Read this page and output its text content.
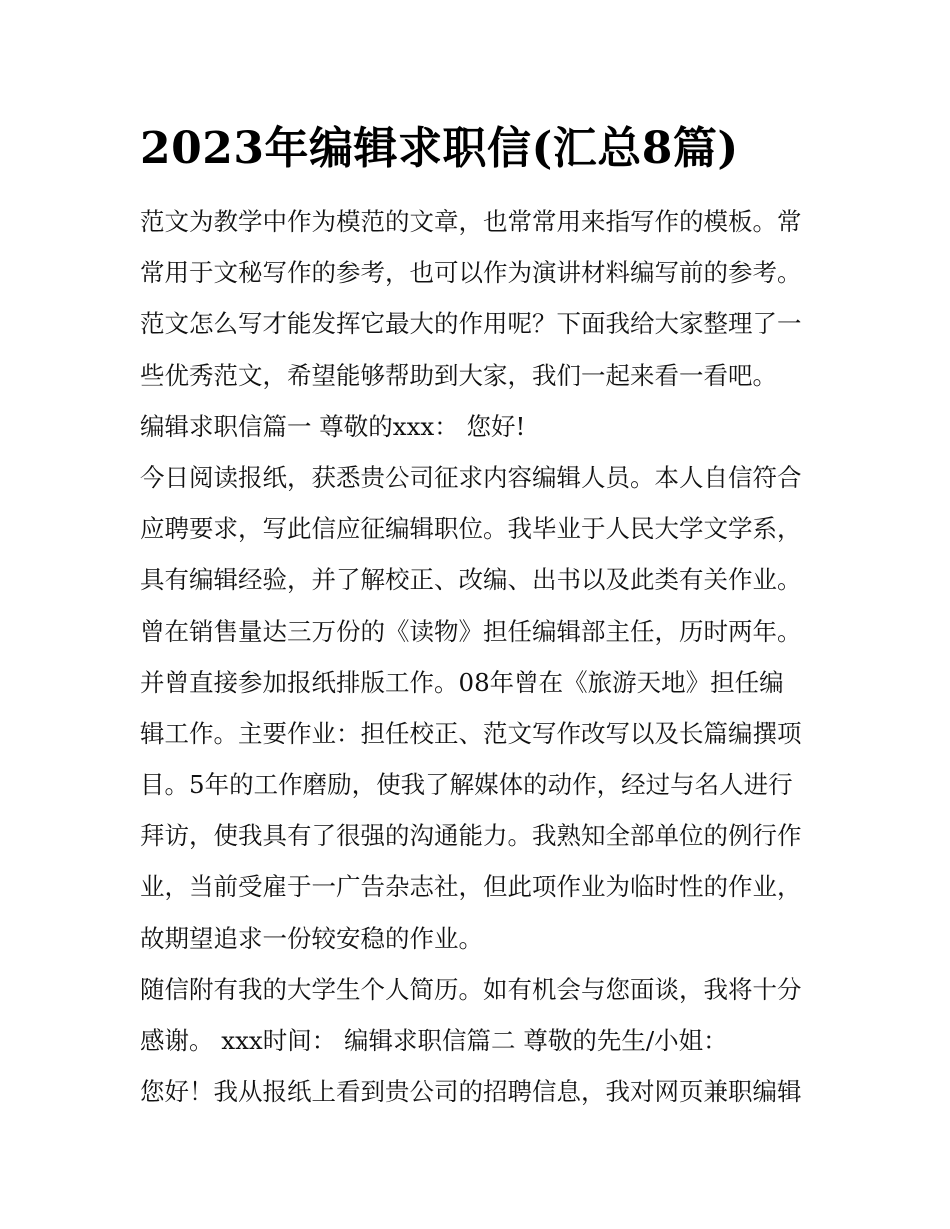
2023年编辑求职信(汇总8篇)
范文为教学中作为模范的文章，也常常用来指写作的模板。常
常用于文秘写作的参考，也可以作为演讲材料编写前的参考。
范文怎么写才能发挥它最大的作用呢？下面我给大家整理了一
些优秀范文，希望能够帮助到大家，我们一起来看一看吧。
编辑求职信篇一 尊敬的xxx： 您好!
今日阅读报纸，获悉贵公司征求内容编辑人员。本人自信符合
应聘要求，写此信应征编辑职位。我毕业于人民大学文学系，
具有编辑经验，并了解校正、改编、出书以及此类有关作业。
曾在销售量达三万份的《读物》担任编辑部主任，历时两年。
并曾直接参加报纸排版工作。08年曾在《旅游天地》担任编
辑工作。主要作业：担任校正、范文写作改写以及长篇编撰项
目。5年的工作磨励，使我了解媒体的动作，经过与名人进行
拜访，使我具有了很强的沟通能力。我熟知全部单位的例行作
业，当前受雇于一广告杂志社，但此项作业为临时性的作业，
故期望追求一份较安稳的作业。
随信附有我的大学生个人简历。如有机会与您面谈，我将十分
感谢。 xxx时间： 编辑求职信篇二 尊敬的先生/小姐：
您好！我从报纸上看到贵公司的招聘信息，我对网页兼职编辑
